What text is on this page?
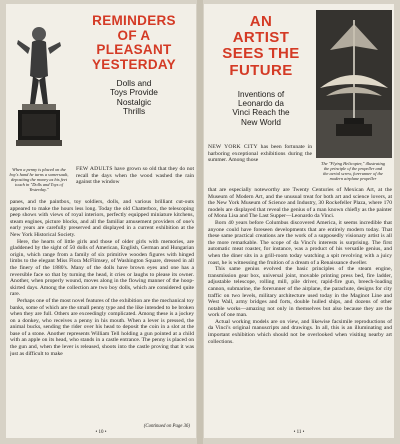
REMINDERS
OF A
PLEASANT
YESTERDAY
Dolls and
Toys Provide
Nostalgic
Thrills
When a penny is placed on the
boy's hand he turns a somersault,
depositing the money as his feet
touch in "Dolls and Toys of
Yesterday."

FEW ADULTS have grown so old that they do not recall the days when the wood washed the rain against the window

panes, and the paintbox, toy soldiers, dolls, and various brilliant cut-outs appeared to make the hours less long. Today the old Chatterbox, the telescoping peep shows with views of royal interiors, perfectly equipped miniature kitchens, steam engines, picture blocks, and all the familiar amusement providers of one's early years are carefully preserved and displayed in a current exhibition at the New York Historical Society.

Here, the hearts of little girls and those of older girls with memories, are gladdened by the sight of 50 dolls of American, English, German and Hungarian origin, which range from a family of six primitive wooden figures with hinged limbs to the elegant Miss Flora McFlimsey, of Washington Square, dressed in all the finery of the 1880's. Many of the dolls have brown eyes and one has a reversible face so that by turning the head, it cries or laughs to please its owner. Another, when properly wound, moves along in the flowing manner of the hoop-skirted days. Among the collection are two boy dolls, which are considered quite rare.

Perhaps one of the most novel features of the exhibition are the mechanical toy banks, some of which are the small penny type and the like intended to be broken when they are full. Others are exceedingly complicated. Among these is a jockey on a donkey, who receives a penny in his mouth. When a lever is pressed, the animal bucks, sending the rider over his head to deposit the coin in a slot at the base of a stone. Another represents William Tell holding a gun pointed at a child with an apple on its head, who stands in a castle entrance. The penny is placed on the gun and, when the lever is released, shoots into the castle proving that it was just as difficult to make

(Continued on Page 36)
• 10 •
AN
ARTIST
SEES THE
FUTURE
Inventions of
Leonardo da
Vinci Reach the
New World
The "Flying Helicopter," illustrating
the principle of the propeller and
the aerial screw, forerunner of the
modern airplane propeller

NEW YORK CITY has been fortunate in harboring exceptional exhibitions during the summer. Among those

that are especially noteworthy are Twenty Centuries of Mexican Art, at the Museum of Modern Art, and the unusual treat for both art and science lovers, at the New York Museum of Science and Industry, 30 Rockefeller Plaza, where 170 models are displayed that reveal the genius of a man known chiefly as the painter of Mona Lisa and The Last Supper—Leonardo da Vinci.

Born 40 years before Columbus discovered America, it seems incredible that anyone could have foreseen developments that are entirely modern today. That these same practical creations are the work of a supposedly visionary artist is all the more remarkable. The scope of da Vinci's interests is surprising. The first automatic meat roaster, for instance, was a product of his versatile genius, and when the diner sits in a grill-room today watching a spit revolving with a juicy roast, he is witnessing the fruition of a dream of a Renaissance dweller.

This same genius evolved the basic principles of the steam engine, transmission gear box, universal joint, movable printing press bed, fire ladder, adjustable telescope, rolling mill, pile driver, rapid-fire gun, breech-loading cannon, submarine, the forerunner of the airplane, the parachute, designs for city traffic on two levels, military architecture used today in the Maginot Line and West Wall, army bridges and forts, double hulled ships, and dozens of other notable works—amazing not only in themselves but also because they are the work of one man.

Actual working models are on view, and likewise facsimile reproductions of da Vinci's original manuscripts and drawings. In all, this is an illuminating and important exhibition which should not be overlooked when visiting nearby art collections.

• 11 •
